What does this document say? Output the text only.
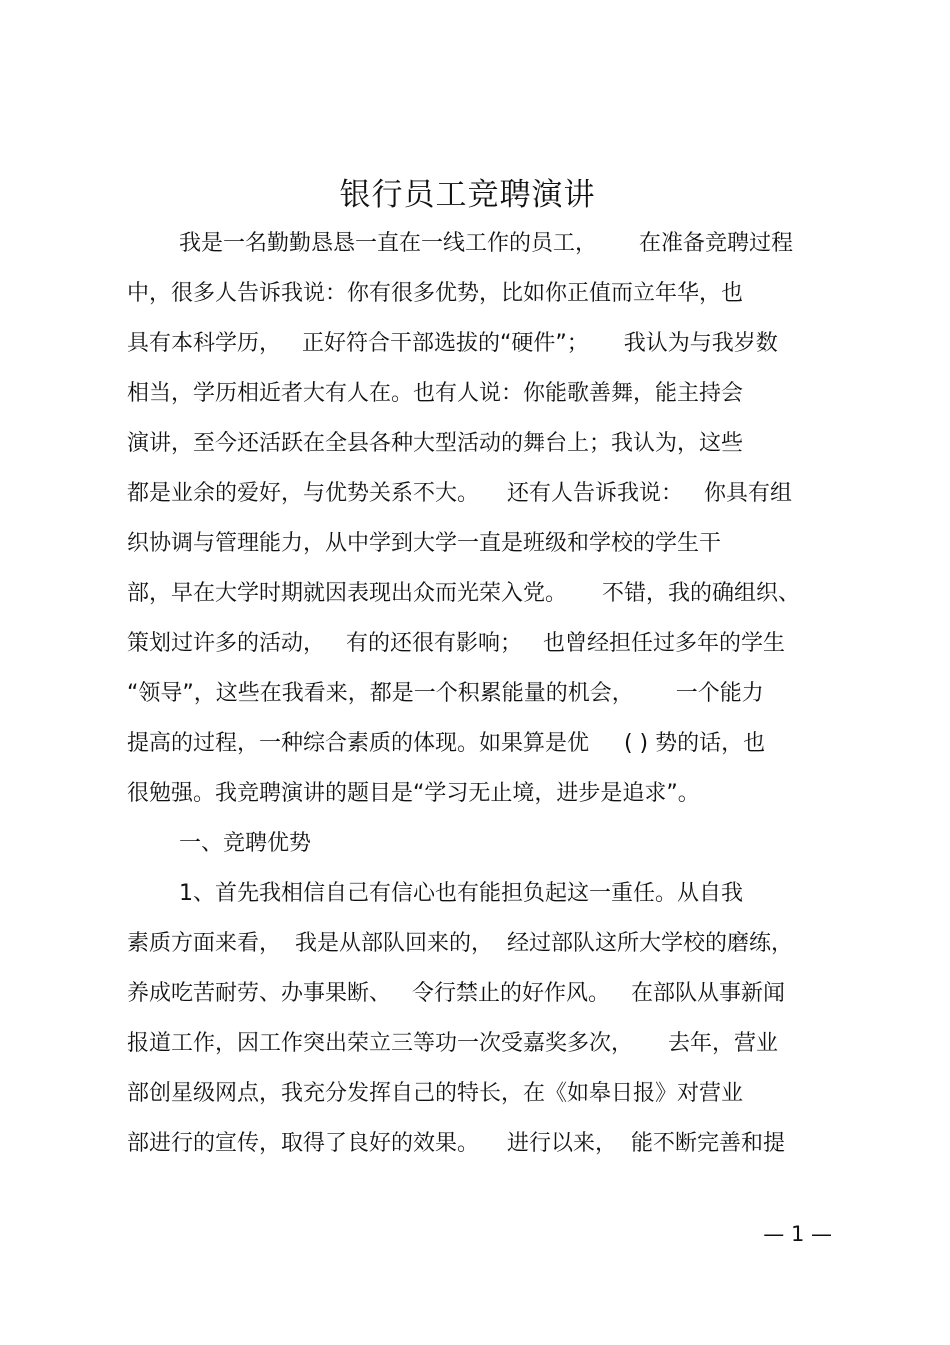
银行员工竞聘演讲
我是一名勤勤恳恳一直在一线工作的员工，      在准备竞聘过程
中，很多人告诉我说：你有很多优势，比如你正值而立年华，也
具有本科学历，   正好符合干部选拔的“硬件”；     我认为与我岁数
相当，学历相近者大有人在。也有人说：你能歌善舞，能主持会
演讲，至今还活跃在全县各种大型活动的舞台上；我认为，这些
都是业余的爱好，与优势关系不大。    还有人告诉我说：   你具有组
织协调与管理能力，从中学到大学一直是班级和学校的学生干
部，早在大学时期就因表现出众而光荣入党。     不错，我的确组织、
策划过许多的活动，   有的还很有影响；   也曾经担任过多年的学生
“领导”，这些在我看来，都是一个积累能量的机会，      一个能力
提高的过程，一种综合素质的体现。如果算是优     ( ) 势的话，也
很勉强。我竞聘演讲的题目是“学习无止境，进步是追求”。
一、竞聘优势
1、首先我相信自己有信心也有能担负起这一重任。从自我
素质方面来看，  我是从部队回来的，  经过部队这所大学校的磨练，
养成吃苦耐劳、办事果断、   令行禁止的好作风。   在部队从事新闻
报道工作，因工作突出荣立三等功一次受嘉奖多次，     去年，营业
部创星级网点，我充分发挥自己的特长，在《如皋日报》对营业
部进行的宣传，取得了良好的效果。    进行以来，  能不断完善和提
— 1 —
